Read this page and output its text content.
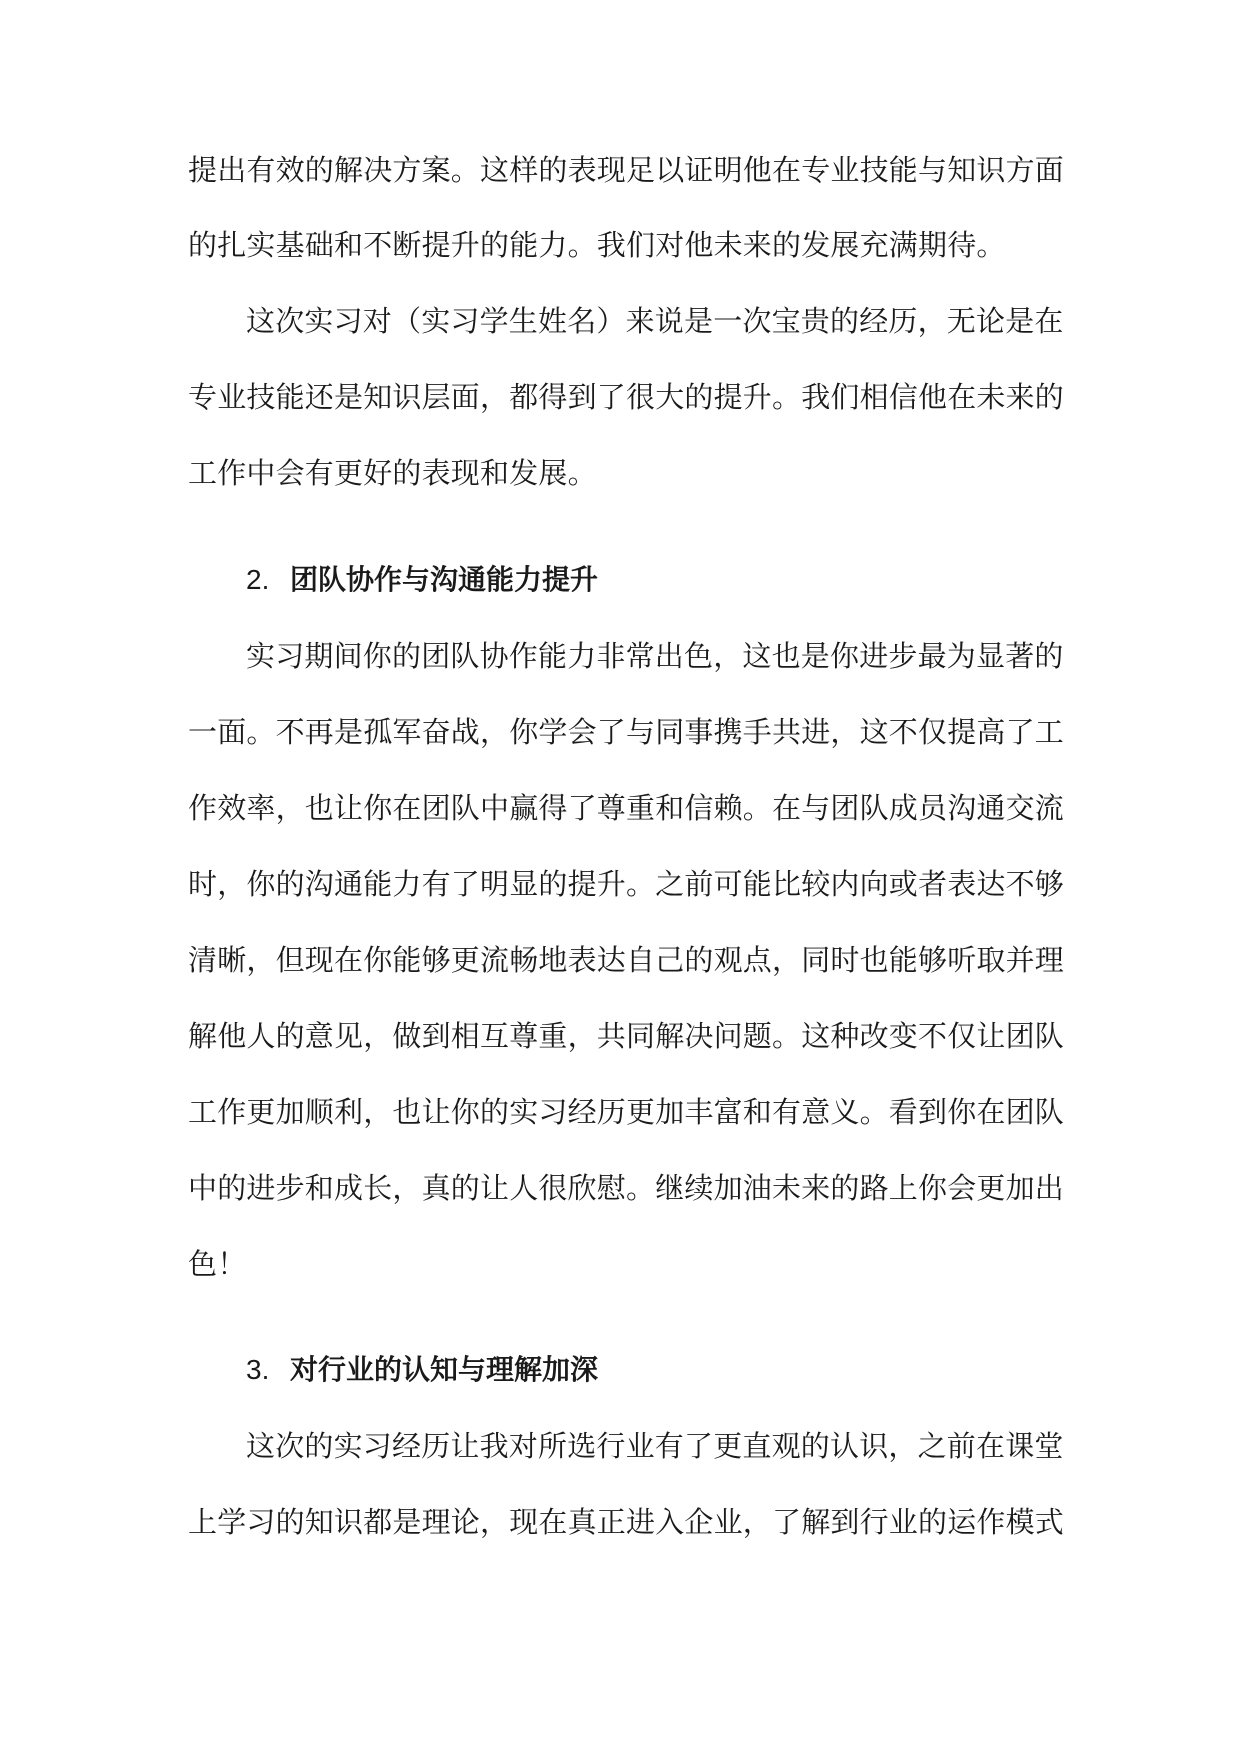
提出有效的解决方案。这样的表现足以证明他在专业技能与知识方面
的扎实基础和不断提升的能力。我们对他未来的发展充满期待。
这次实习对（实习学生姓名）来说是一次宝贵的经历，无论是在
专业技能还是知识层面，都得到了很大的提升。我们相信他在未来的
工作中会有更好的表现和发展。
2. 团队协作与沟通能力提升
实习期间你的团队协作能力非常出色，这也是你进步最为显著的
一面。不再是孤军奋战，你学会了与同事携手共进，这不仅提高了工
作效率，也让你在团队中赢得了尊重和信赖。在与团队成员沟通交流
时，你的沟通能力有了明显的提升。之前可能比较内向或者表达不够
清晰，但现在你能够更流畅地表达自己的观点，同时也能够听取并理
解他人的意见，做到相互尊重，共同解决问题。这种改变不仅让团队
工作更加顺利，也让你的实习经历更加丰富和有意义。看到你在团队
中的进步和成长，真的让人很欣慰。继续加油未来的路上你会更加出
色！
3. 对行业的认知与理解加深
这次的实习经历让我对所选行业有了更直观的认识，之前在课堂
上学习的知识都是理论，现在真正进入企业，了解到行业的运作模式
